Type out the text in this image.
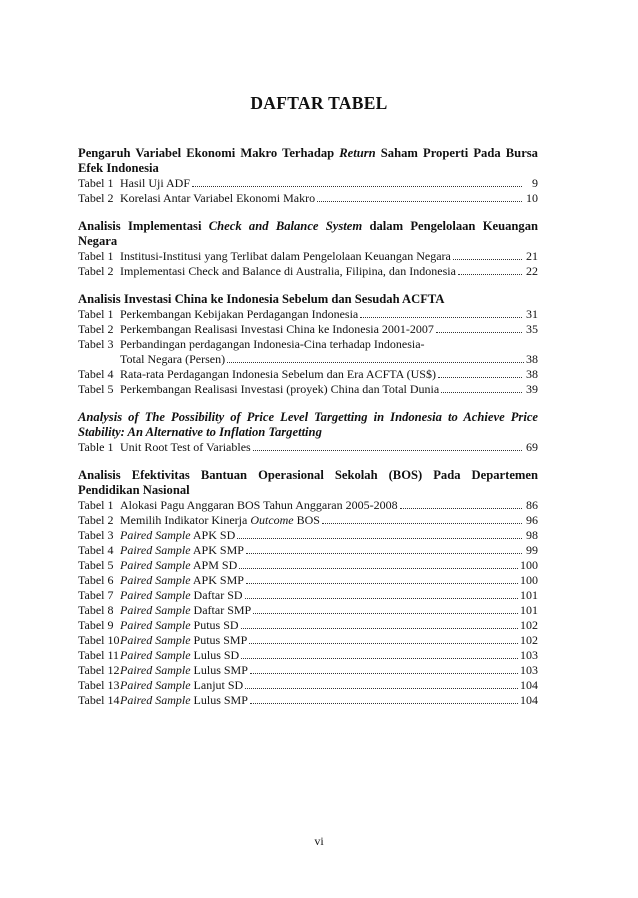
DAFTAR TABEL
Pengaruh Variabel Ekonomi Makro Terhadap Return Saham Properti Pada Bursa Efek Indonesia
Tabel 1 Hasil Uji ADF	9
Tabel 2 Korelasi Antar Variabel Ekonomi Makro	10
Analisis Implementasi Check and Balance System dalam Pengelolaan Keuangan Negara
Tabel 1 Institusi-Institusi yang Terlibat dalam Pengelolaan Keuangan Negara	21
Tabel 2 Implementasi Check and Balance di Australia, Filipina, dan Indonesia	22
Analisis Investasi China ke Indonesia Sebelum dan Sesudah ACFTA
Tabel 1 Perkembangan Kebijakan Perdagangan Indonesia	31
Tabel 2 Perkembangan Realisasi Investasi China ke Indonesia 2001-2007	35
Tabel 3 Perbandingan perdagangan Indonesia-Cina terhadap Indonesia-
Total Negara (Persen)	38
Tabel 4 Rata-rata Perdagangan Indonesia Sebelum dan Era ACFTA (US$)	38
Tabel 5 Perkembangan Realisasi Investasi (proyek) China dan Total Dunia	39
Analysis of The Possibility of Price Level Targetting in Indonesia to Achieve Price Stability: An Alternative to Inflation Targetting
Table 1 Unit Root Test of Variables	69
Analisis Efektivitas Bantuan Operasional Sekolah (BOS) Pada Departemen Pendidikan Nasional
Tabel 1 Alokasi Pagu Anggaran BOS Tahun Anggaran 2005-2008	86
Tabel 2 Memilih Indikator Kinerja Outcome BOS	96
Tabel 3 Paired Sample APK SD	98
Tabel 4 Paired Sample APK SMP	99
Tabel 5 Paired Sample APM SD	100
Tabel 6 Paired Sample APK SMP	100
Tabel 7 Paired Sample Daftar SD	101
Tabel 8 Paired Sample Daftar SMP	101
Tabel 9 Paired Sample Putus SD	102
Tabel 10 Paired Sample Putus SMP	102
Tabel 11 Paired Sample Lulus SD	103
Tabel 12 Paired Sample Lulus SMP	103
Tabel 13 Paired Sample Lanjut SD	104
Tabel 14 Paired Sample Lulus SMP	104
vi
